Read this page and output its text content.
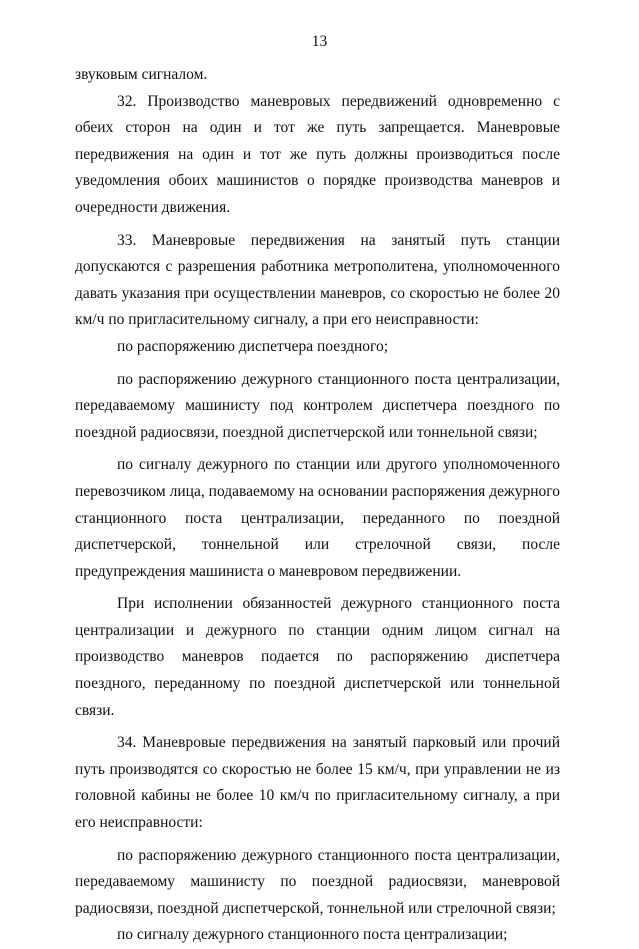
13

звуковым сигналом.

32. Производство маневровых передвижений одновременно с обеих сторон на один и тот же путь запрещается. Маневровые передвижения на один и тот же путь должны производиться после уведомления обоих машинистов о порядке производства маневров и очередности движения.

33. Маневровые передвижения на занятый путь станции допускаются с разрешения работника метрополитена, уполномоченного давать указания при осуществлении маневров, со скоростью не более 20 км/ч по пригласительному сигналу, а при его неисправности:

по распоряжению диспетчера поездного;

по распоряжению дежурного станционного поста централизации, передаваемому машинисту под контролем диспетчера поездного по поездной радиосвязи, поездной диспетчерской или тоннельной связи;

по сигналу дежурного по станции или другого уполномоченного перевозчиком лица, подаваемому на основании распоряжения дежурного станционного поста централизации, переданного по поездной диспетчерской, тоннельной или стрелочной связи, после предупреждения машиниста о маневровом передвижении.

При исполнении обязанностей дежурного станционного поста централизации и дежурного по станции одним лицом сигнал на производство маневров подается по распоряжению диспетчера поездного, переданному по поездной диспетчерской или тоннельной связи.

34. Маневровые передвижения на занятый парковый или прочий путь производятся со скоростью не более 15 км/ч, при управлении не из головной кабины не более 10 км/ч по пригласительному сигналу, а при его неисправности:

по распоряжению дежурного станционного поста централизации, передаваемому машинисту по поездной радиосвязи, маневровой радиосвязи, поездной диспетчерской, тоннельной или стрелочной связи;

по сигналу дежурного станционного поста централизации;
